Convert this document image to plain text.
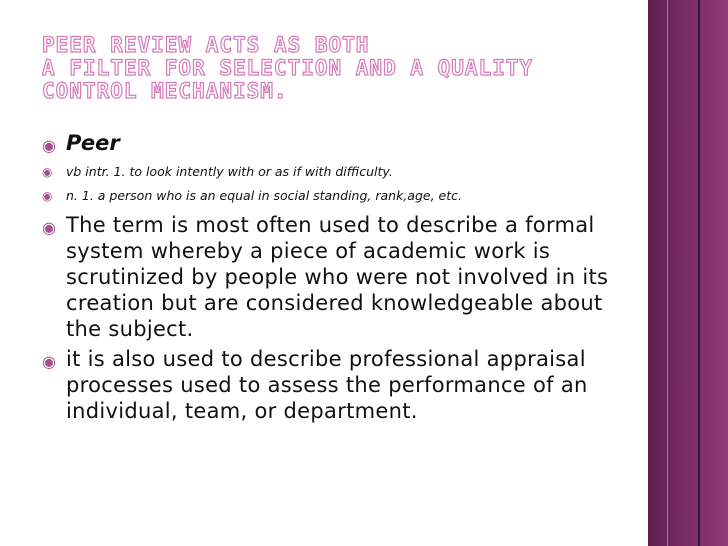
PEER REVIEW ACTS AS BOTH
A FILTER FOR SELECTION AND A QUALITY
CONTROL MECHANISM.
◉ Peer
◉ vb intr. 1. to look intently with or as if with difficulty.
◉ n. 1. a person who is an equal in social standing, rank,age, etc.
◉ The term is most often used to describe a formal system whereby a piece of academic work is scrutinized by people who were not involved in its creation but are considered knowledgeable about the subject.
◉ it is also used to describe professional appraisal processes used to assess the performance of an individual, team, or department.
